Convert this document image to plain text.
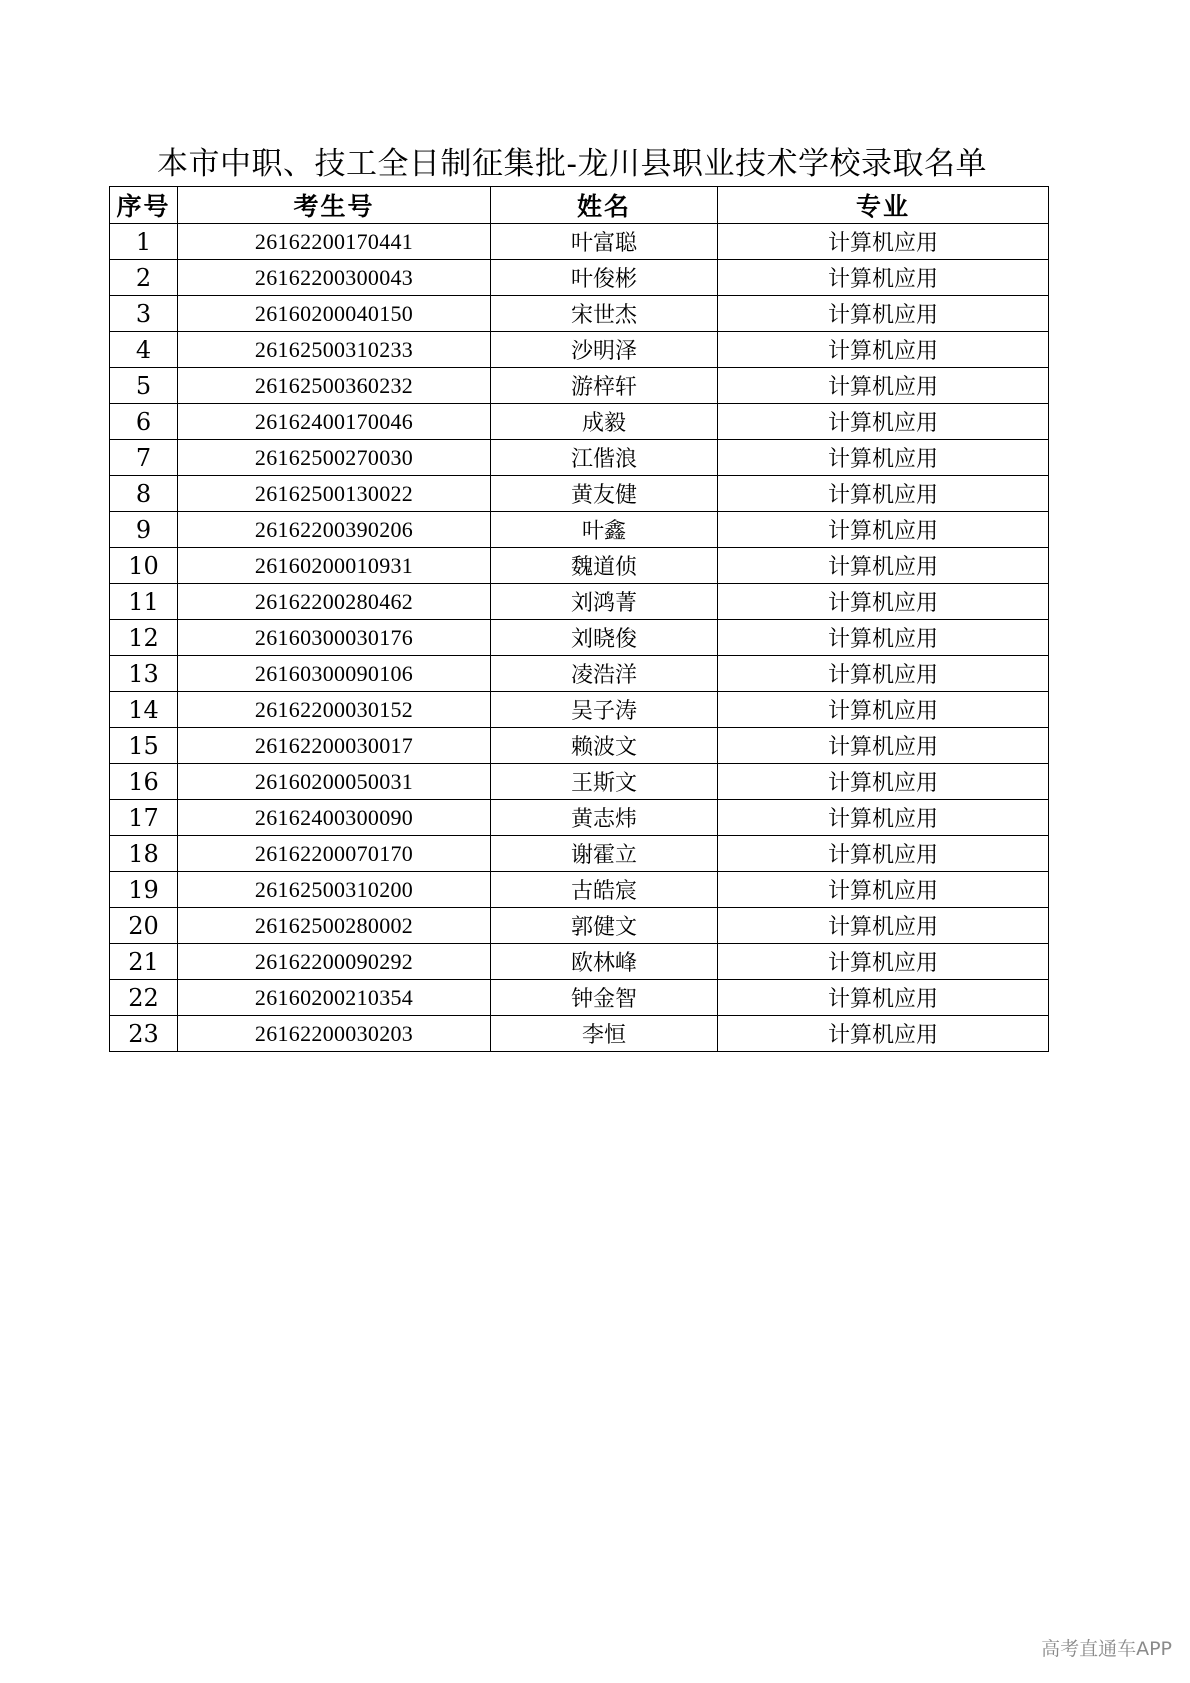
本市中职、技工全日制征集批-龙川县职业技术学校录取名单
序号	考生号	姓名	专业
1	26162200170441	叶富聪	计算机应用
2	26162200300043	叶俊彬	计算机应用
3	26160200040150	宋世杰	计算机应用
4	26162500310233	沙明泽	计算机应用
5	26162500360232	游梓轩	计算机应用
6	26162400170046	成毅	计算机应用
7	26162500270030	江偕浪	计算机应用
8	26162500130022	黄友健	计算机应用
9	26162200390206	叶鑫	计算机应用
10	26160200010931	魏道侦	计算机应用
11	26162200280462	刘鸿菁	计算机应用
12	26160300030176	刘晓俊	计算机应用
13	26160300090106	凌浩洋	计算机应用
14	26162200030152	吴子涛	计算机应用
15	26162200030017	赖波文	计算机应用
16	26160200050031	王斯文	计算机应用
17	26162400300090	黄志炜	计算机应用
18	26162200070170	谢霍立	计算机应用
19	26162500310200	古皓宸	计算机应用
20	26162500280002	郭健文	计算机应用
21	26162200090292	欧林峰	计算机应用
22	26160200210354	钟金智	计算机应用
23	26162200030203	李恒	计算机应用
高考直通车APP
